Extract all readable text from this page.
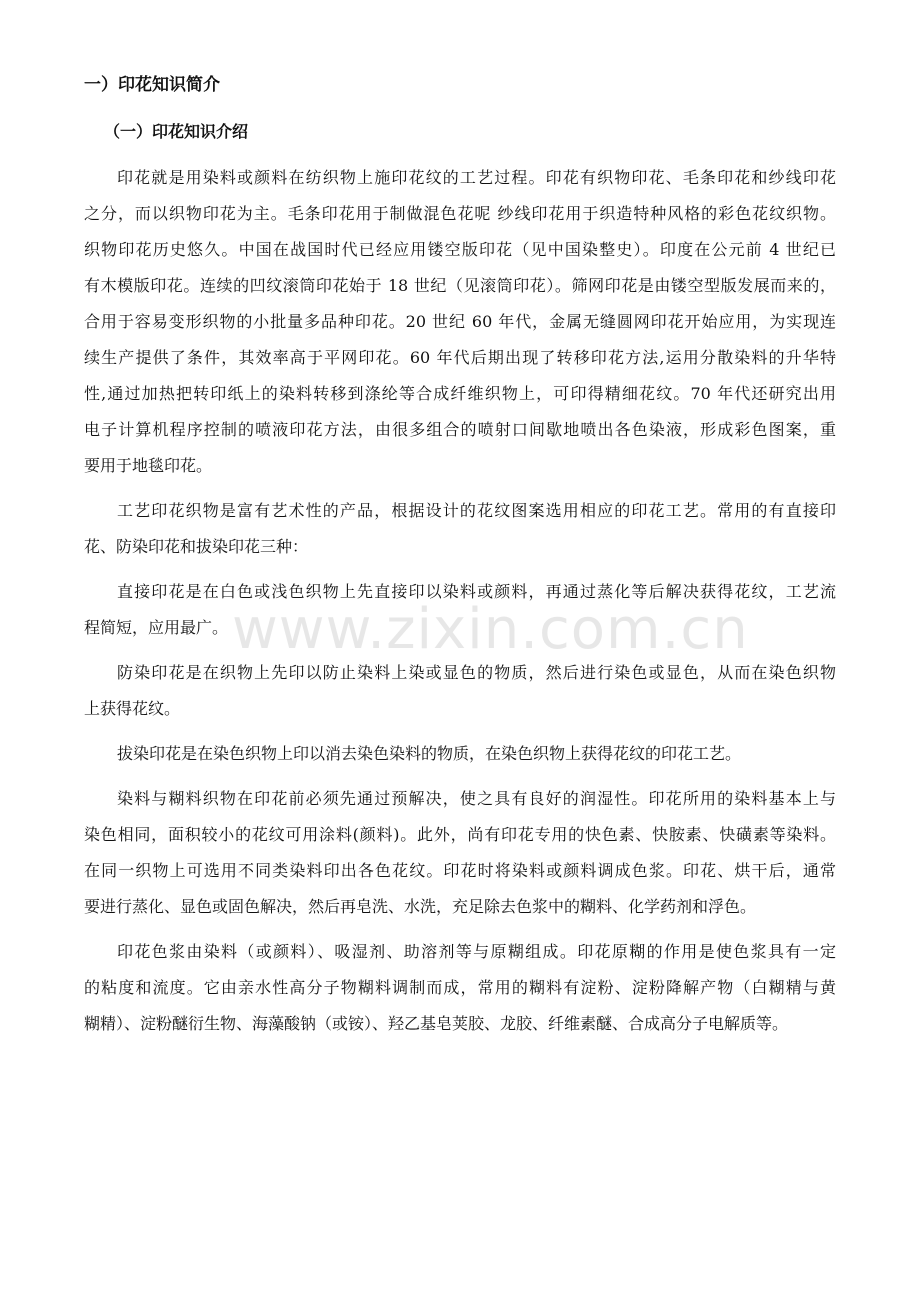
一）印花知识简介
（一）印花知识介绍
印花就是用染料或颜料在纺织物上施印花纹的工艺过程。印花有织物印花、毛条印花和纱线印花
之分，而以织物印花为主。毛条印花用于制做混色花呢 纱线印花用于织造特种风格的彩色花纹织物。
织物印花历史悠久。中国在战国时代已经应用镂空版印花（见中国染整史）。印度在公元前 4 世纪已
有木模版印花。连续的凹纹滚筒印花始于 18 世纪（见滚筒印花）。筛网印花是由镂空型版发展而来的，
合用于容易变形织物的小批量多品种印花。20 世纪 60 年代，金属无缝圆网印花开始应用，为实现连
续生产提供了条件，其效率高于平网印花。60 年代后期出现了转移印花方法,运用分散染料的升华特
性,通过加热把转印纸上的染料转移到涤纶等合成纤维织物上，可印得精细花纹。70 年代还研究出用
电子计算机程序控制的喷液印花方法，由很多组合的喷射口间歇地喷出各色染液，形成彩色图案，重
要用于地毯印花。
工艺印花织物是富有艺术性的产品，根据设计的花纹图案选用相应的印花工艺。常用的有直接印
花、防染印花和拔染印花三种：
直接印花是在白色或浅色织物上先直接印以染料或颜料，再通过蒸化等后解决获得花纹，工艺流
程简短，应用最广。
防染印花是在织物上先印以防止染料上染或显色的物质，然后进行染色或显色，从而在染色织物
上获得花纹。
拔染印花是在染色织物上印以消去染色染料的物质，在染色织物上获得花纹的印花工艺。
染料与糊料织物在印花前必须先通过预解决，使之具有良好的润湿性。印花所用的染料基本上与
染色相同，面积较小的花纹可用涂料(颜料)。此外，尚有印花专用的快色素、快胺素、快磺素等染料。
在同一织物上可选用不同类染料印出各色花纹。印花时将染料或颜料调成色浆。印花、烘干后，通常
要进行蒸化、显色或固色解决，然后再皂洗、水洗，充足除去色浆中的糊料、化学药剂和浮色。
印花色浆由染料（或颜料）、吸湿剂、助溶剂等与原糊组成。印花原糊的作用是使色浆具有一定
的粘度和流度。它由亲水性高分子物糊料调制而成，常用的糊料有淀粉、淀粉降解产物（白糊精与黄
糊精）、淀粉醚衍生物、海藻酸钠（或铵）、羟乙基皂荚胶、龙胶、纤维素醚、合成高分子电解质等。
www.zixin.com.cn
